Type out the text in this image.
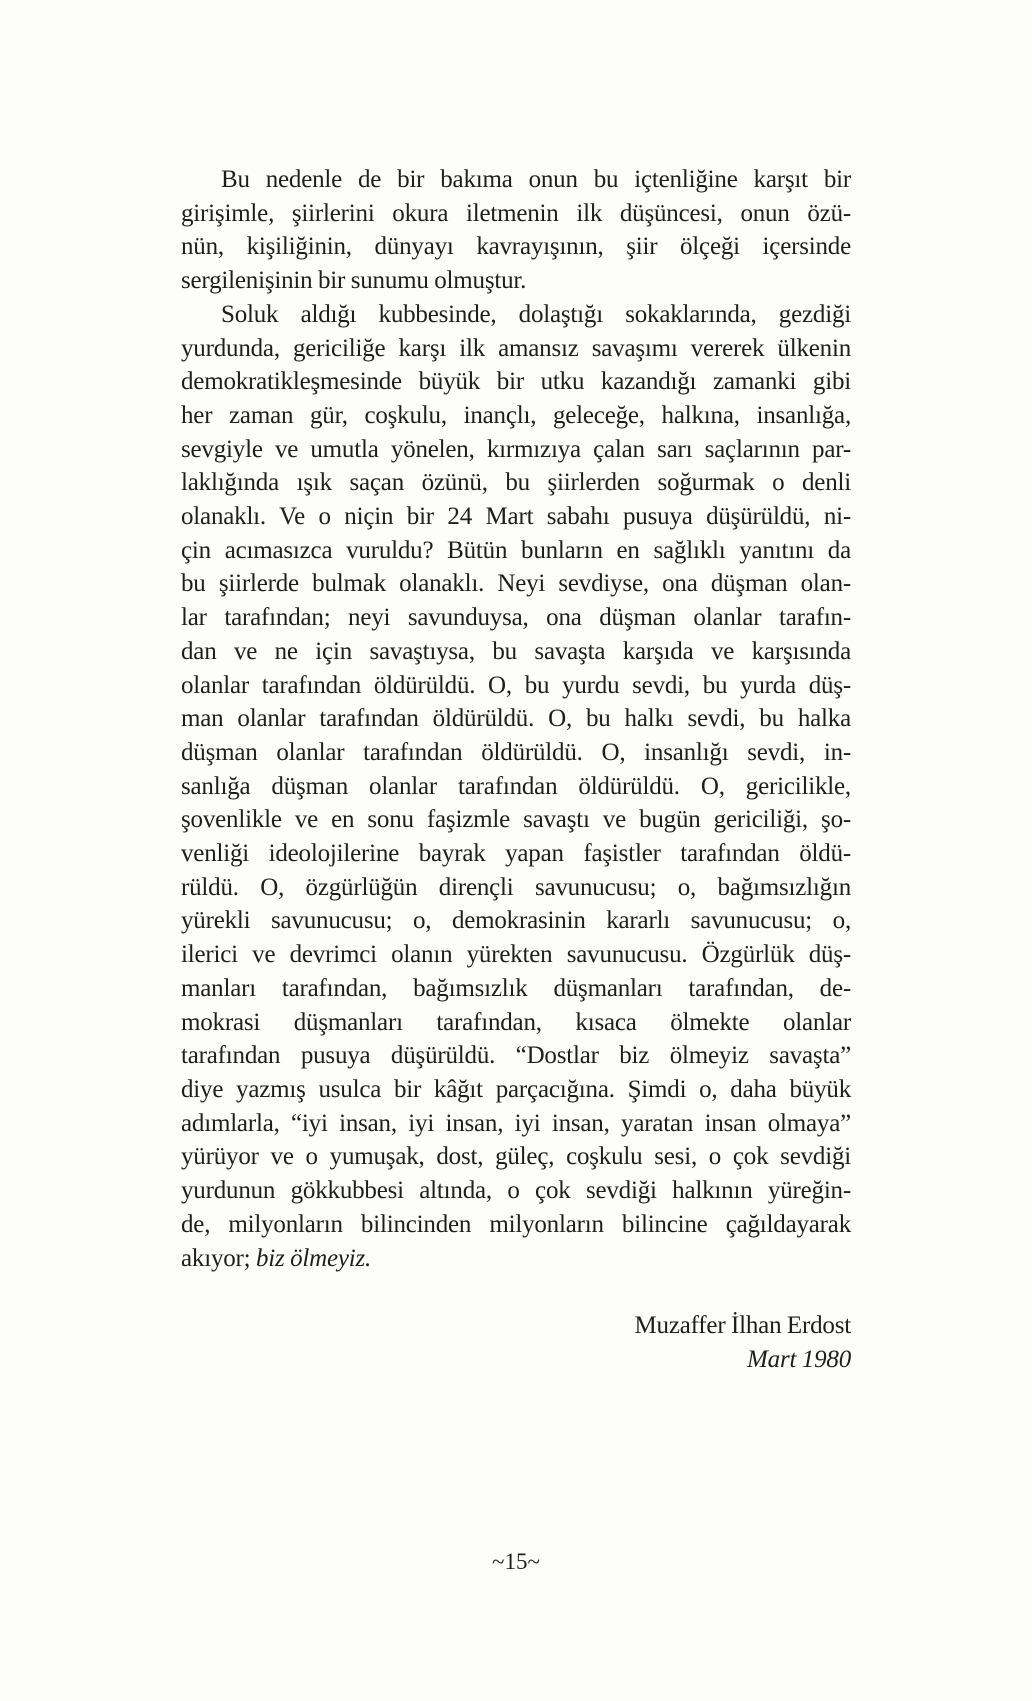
Bu nedenle de bir bakıma onun bu içtenliğine karşıt bir
girişimle, şiirlerini okura iletmenin ilk düşüncesi, onun özü-
nün, kişiliğinin, dünyayı kavrayışının, şiir ölçeği içersinde
sergilenişinin bir sunumu olmuştur.
Soluk aldığı kubbesinde, dolaştığı sokaklarında, gezdiği
yurdunda, gericiliğe karşı ilk amansız savaşımı vererek ülkenin
demokratikleşmesinde büyük bir utku kazandığı zamanki gibi
her zaman gür, coşkulu, inançlı, geleceğe, halkına, insanlığa,
sevgiyle ve umutla yönelen, kırmızıya çalan sarı saçlarının par-
laklığında ışık saçan özünü, bu şiirlerden soğurmak o denli
olanaklı. Ve o niçin bir 24 Mart sabahı pusuya düşürüldü, ni-
çin acımasızca vuruldu? Bütün bunların en sağlıklı yanıtını da
bu şiirlerde bulmak olanaklı. Neyi sevdiyse, ona düşman olan-
lar tarafından; neyi savunduysa, ona düşman olanlar tarafın-
dan ve ne için savaştıysa, bu savaşta karşıda ve karşısında
olanlar tarafından öldürüldü. O, bu yurdu sevdi, bu yurda düş-
man olanlar tarafından öldürüldü. O, bu halkı sevdi, bu halka
düşman olanlar tarafından öldürüldü. O, insanlığı sevdi, in-
sanlığa düşman olanlar tarafından öldürüldü. O, gericilikle,
şovenlikle ve en sonu faşizmle savaştı ve bugün gericiliği, şo-
venliği ideolojilerine bayrak yapan faşistler tarafından öldü-
rüldü. O, özgürlüğün dirençli savunucusu; o, bağımsızlığın
yürekli savunucusu; o, demokrasinin kararlı savunucusu; o,
ilerici ve devrimci olanın yürekten savunucusu. Özgürlük düş-
manları tarafından, bağımsızlık düşmanları tarafından, de-
mokrasi düşmanları tarafından, kısaca ölmekte olanlar
tarafından pusuya düşürüldü. “Dostlar biz ölmeyiz savaşta”
diye yazmış usulca bir kâğıt parçacığına. Şimdi o, daha büyük
adımlarla, “iyi insan, iyi insan, iyi insan, yaratan insan olmaya”
yürüyor ve o yumuşak, dost, güleç, coşkulu sesi, o çok sevdiği
yurdunun gökkubbesi altında, o çok sevdiği halkının yüreğin-
de, milyonların bilincinden milyonların bilincine çağıldayarak
akıyor; biz ölmeyiz.
Muzaffer İlhan Erdost
Mart 1980
~15~
